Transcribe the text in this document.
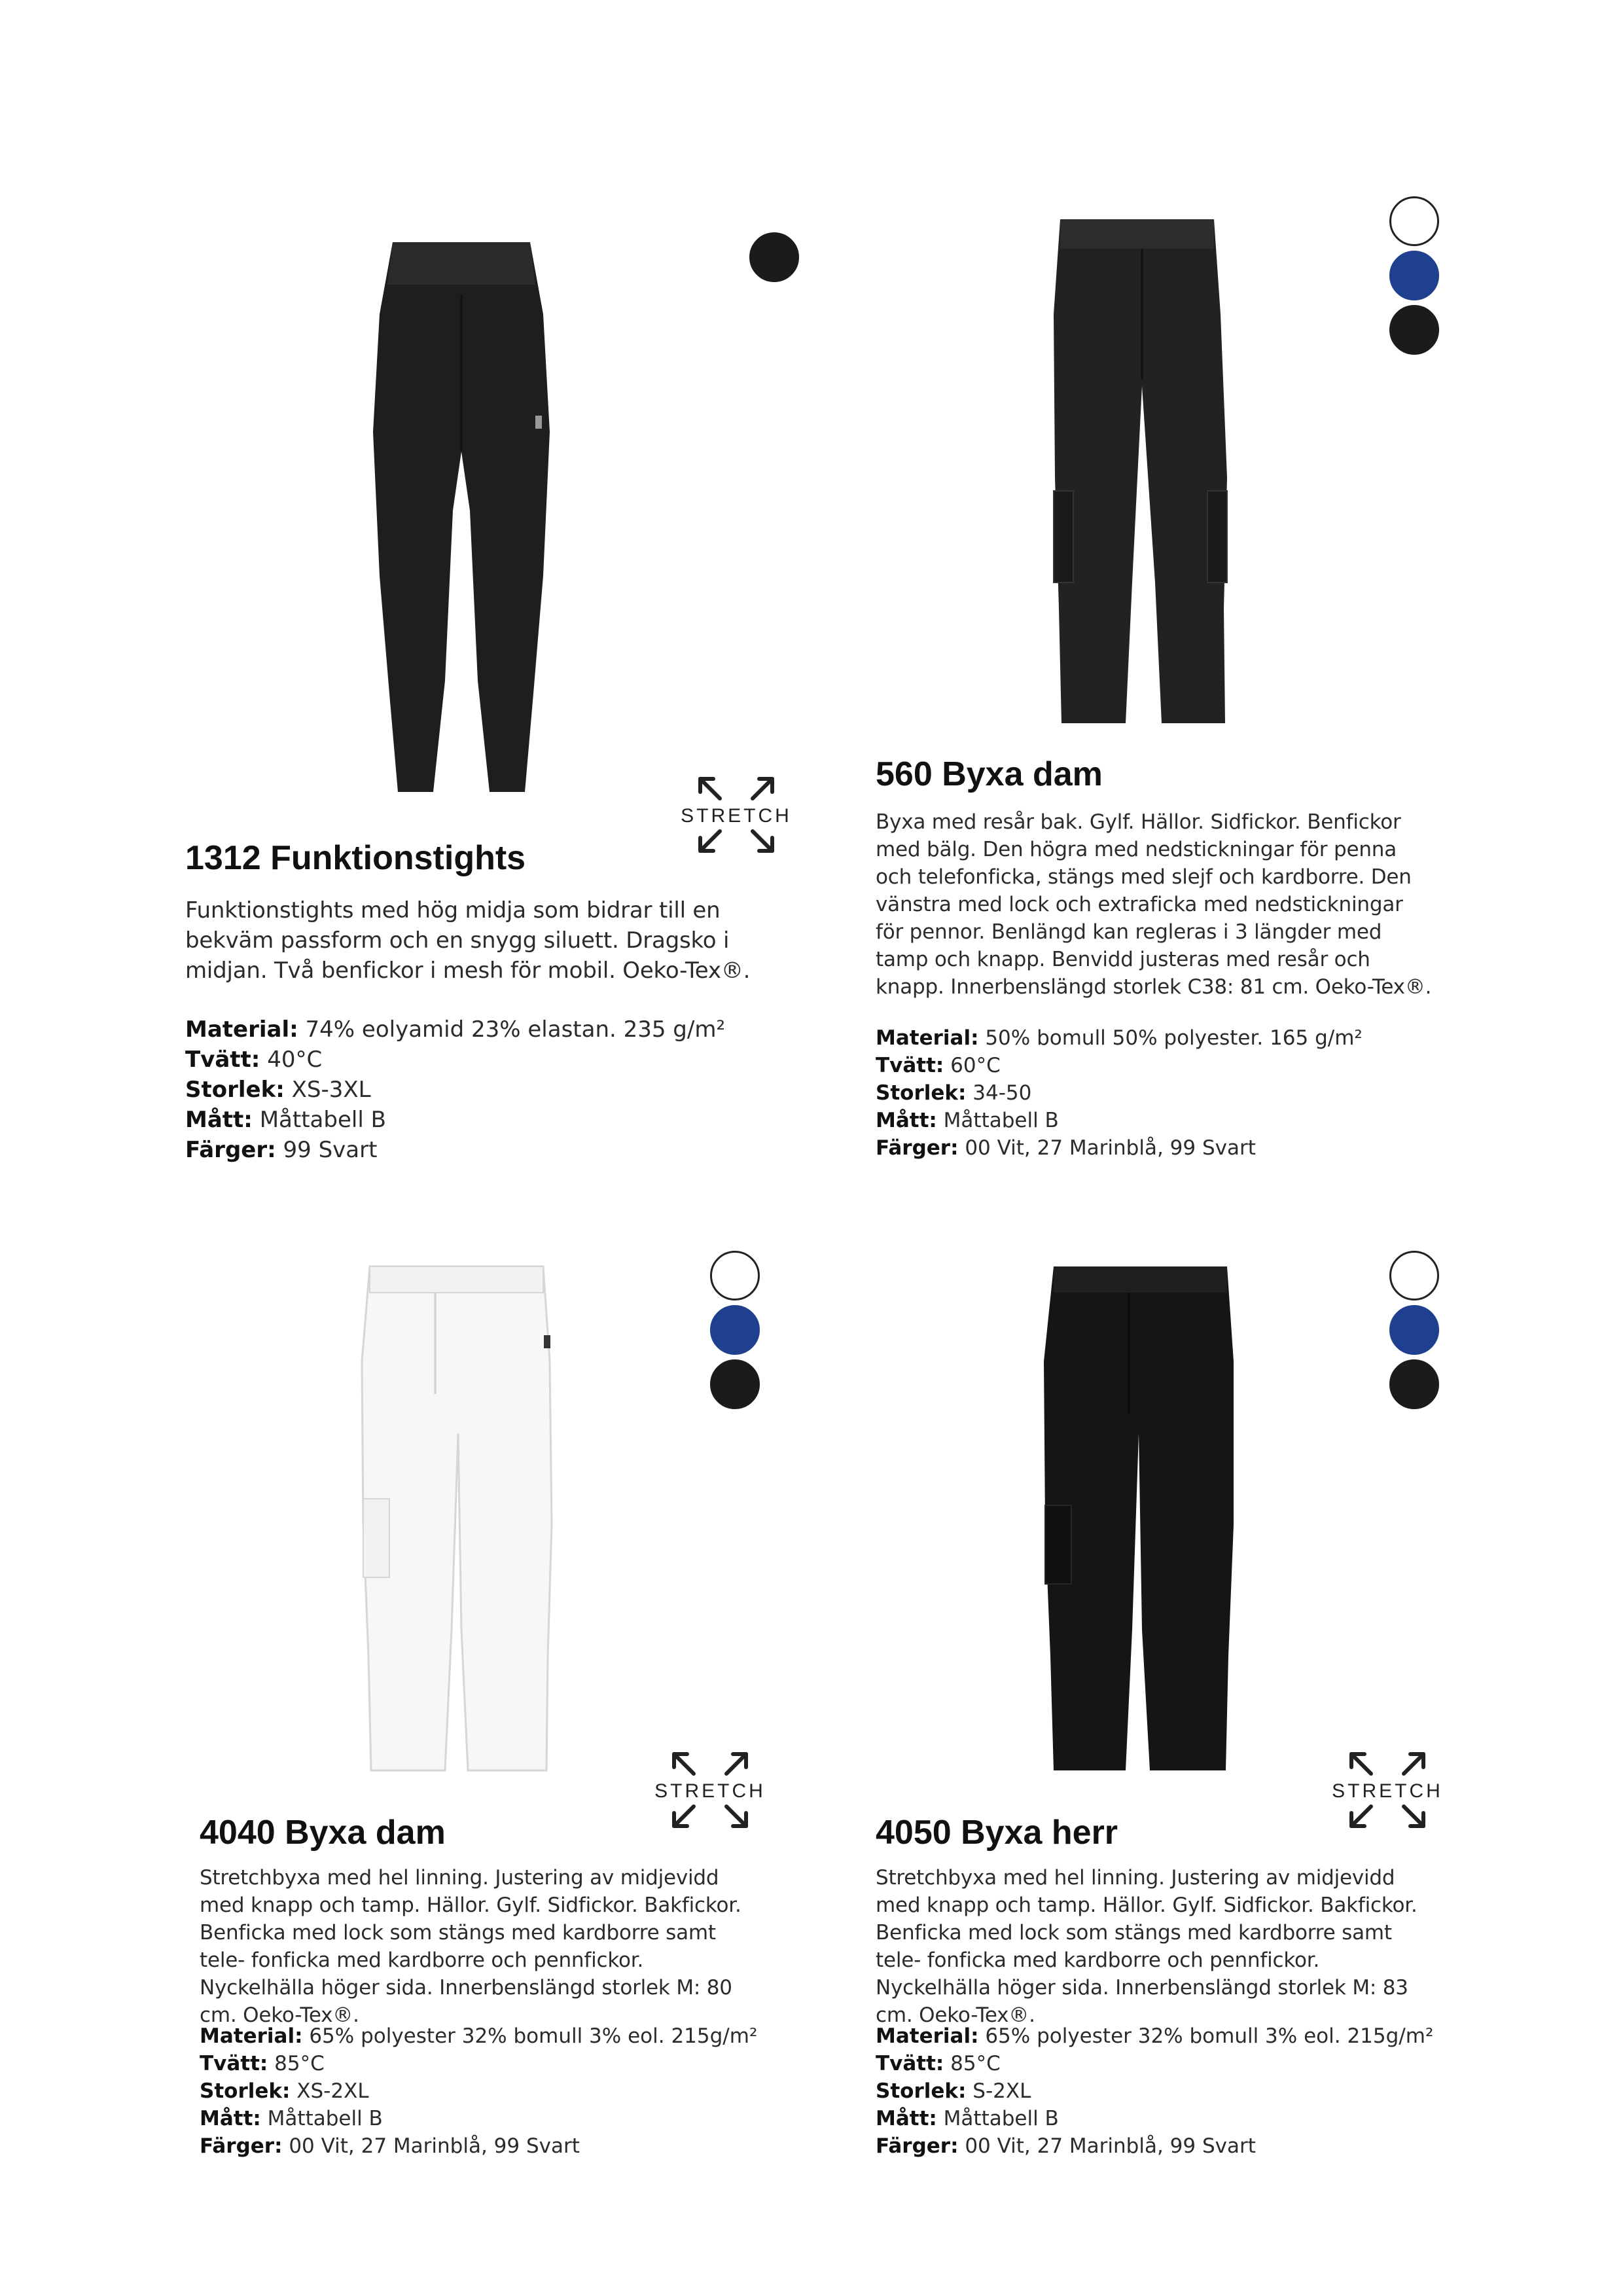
STRETCH
1312 Funktionstights

Funktionstights med hög midja som bidrar till en bekväm passform och en snygg siluett. Dragsko i midjan. Två benfickor i mesh för mobil. Oeko-Tex®.

Material: 74% eolyamid 23% elastan. 235 g/m²
Tvätt: 40°C
Storlek: XS-3XL
Mått: Måttabell B
Färger: 99 Svart
560 Byxa dam

Byxa med resår bak. Gylf. Hällor. Sidfickor. Benfickor med bälg. Den högra med nedstickningar för penna och telefonficka, stängs med slejf och kardborre. Den vänstra med lock och extraficka med nedstickningar för pennor. Benlängd kan regleras i 3 längder med tamp och knapp. Benvidd justeras med resår och knapp. Innerbenslängd storlek C38: 81 cm. Oeko-Tex®.

Material: 50% bomull 50% polyester. 165 g/m²
Tvätt: 60°C
Storlek: 34-50
Mått: Måttabell B
Färger: 00 Vit, 27 Marinblå, 99 Svart
STRETCH
4040 Byxa dam

Stretchbyxa med hel linning. Justering av midjevidd med knapp och tamp. Hällor. Gylf. Sidfickor. Bakfickor. Benficka med lock som stängs med kardborre samt tele- fonficka med kardborre och pennfickor. Nyckelhälla höger sida. Innerbenslängd storlek M: 80 cm. Oeko-Tex®.

Material: 65% polyester 32% bomull 3% eol. 215g/m²
Tvätt: 85°C
Storlek: XS-2XL
Mått: Måttabell B
Färger: 00 Vit, 27 Marinblå, 99 Svart
STRETCH
4050 Byxa herr

Stretchbyxa med hel linning. Justering av midjevidd med knapp och tamp. Hällor. Gylf. Sidfickor. Bakfickor. Benficka med lock som stängs med kardborre samt tele- fonficka med kardborre och pennfickor. Nyckelhälla höger sida. Innerbenslängd storlek M: 83 cm. Oeko-Tex®.

Material: 65% polyester 32% bomull 3% eol. 215g/m²
Tvätt: 85°C
Storlek: S-2XL
Mått: Måttabell B
Färger: 00 Vit, 27 Marinblå, 99 Svart
